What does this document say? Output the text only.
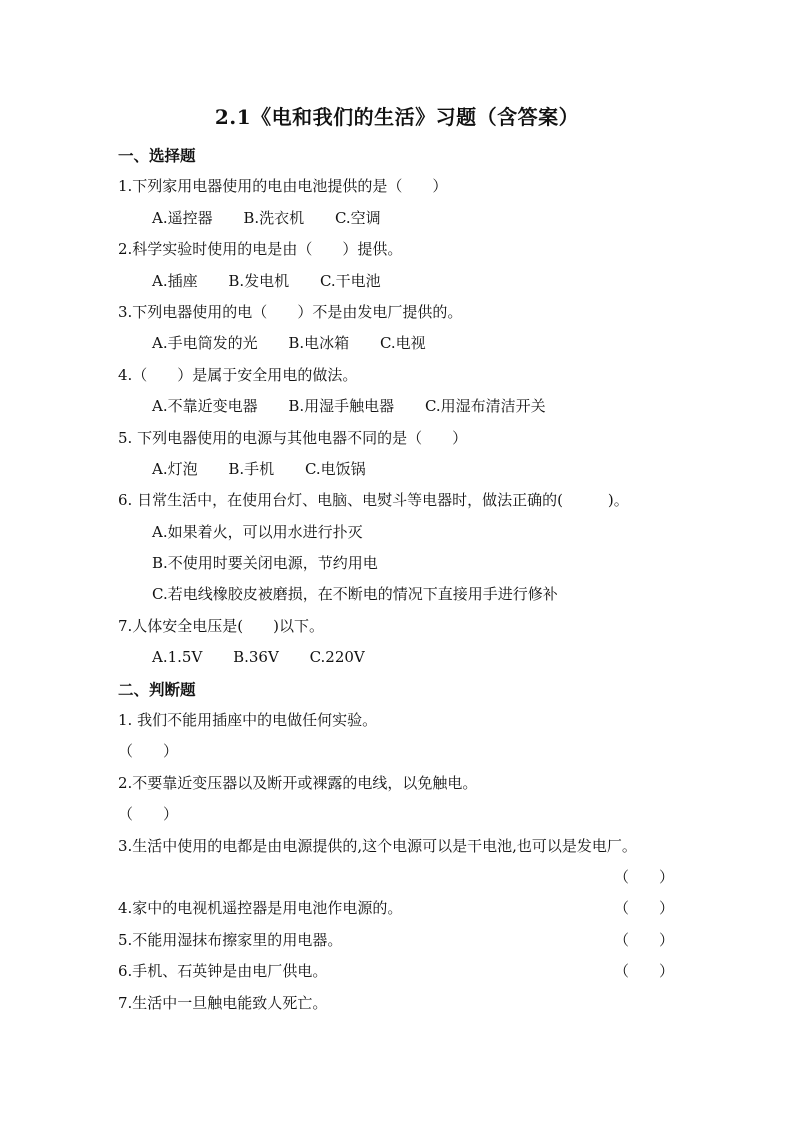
2.1《电和我们的生活》习题（含答案）
一、选择题
1.下列家用电器使用的电由电池提供的是（　　）
A.遥控器 B.洗衣机 C.空调
2.科学实验时使用的电是由（　　）提供。
A.插座 B.发电机 C.干电池
3.下列电器使用的电（　　）不是由发电厂提供的。
A.手电筒发的光 B.电冰箱 C.电视
4.（　　）是属于安全用电的做法。
A.不靠近变电器 B.用湿手触电器 C.用湿布清洁开关
5. 下列电器使用的电源与其他电器不同的是（　　）
A.灯泡 B.手机 C.电饭锅
6. 日常生活中，在使用台灯、电脑、电熨斗等电器时，做法正确的(　　　)。
A.如果着火，可以用水进行扑灭
B.不使用时要关闭电源，节约用电
C.若电线橡胶皮被磨损，在不断电的情况下直接用手进行修补
7.人体安全电压是(　　)以下。
A.1.5V B.36V C.220V
二、判断题
1. 我们不能用插座中的电做任何实验。
（　　）
2.不要靠近变压器以及断开或裸露的电线，以免触电。
（　　）
3.生活中使用的电都是由电源提供的,这个电源可以是干电池,也可以是发电厂。
（　　）
4.家中的电视机遥控器是用电池作电源的。	（　　）
5.不能用湿抹布擦家里的用电器。	（　　）
6.手机、石英钟是由电厂供电。	（　　）
7.生活中一旦触电能致人死亡。
